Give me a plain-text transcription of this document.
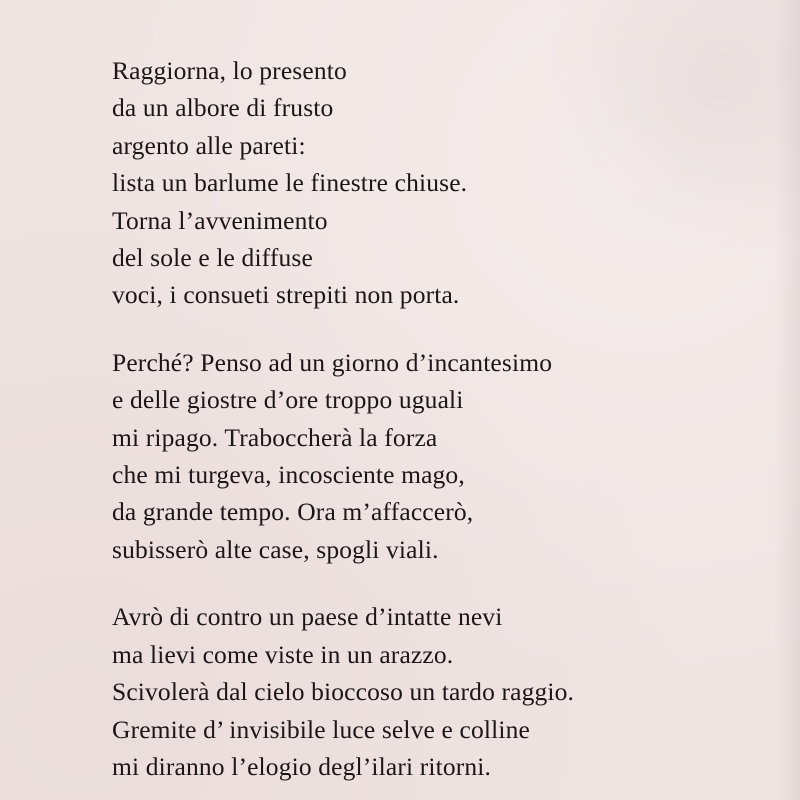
Raggiorna, lo presento
da un albore di frusto
argento alle pareti:
lista un barlume le finestre chiuse.
Torna l’avvenimento
del sole e le diffuse
voci, i consueti strepiti non porta.
Perché? Penso ad un giorno d’incantesimo
e delle giostre d’ore troppo uguali
mi ripago. Traboccherà la forza
che mi turgeva, incosciente mago,
da grande tempo. Ora m’affaccerò,
subisserò alte case, spogli viali.
Avrò di contro un paese d’intatte nevi
ma lievi come viste in un arazzo.
Scivolerà dal cielo bioccoso un tardo raggio.
Gremite d’ invisibile luce selve e colline
mi diranno l’elogio degl’ilari ritorni.
